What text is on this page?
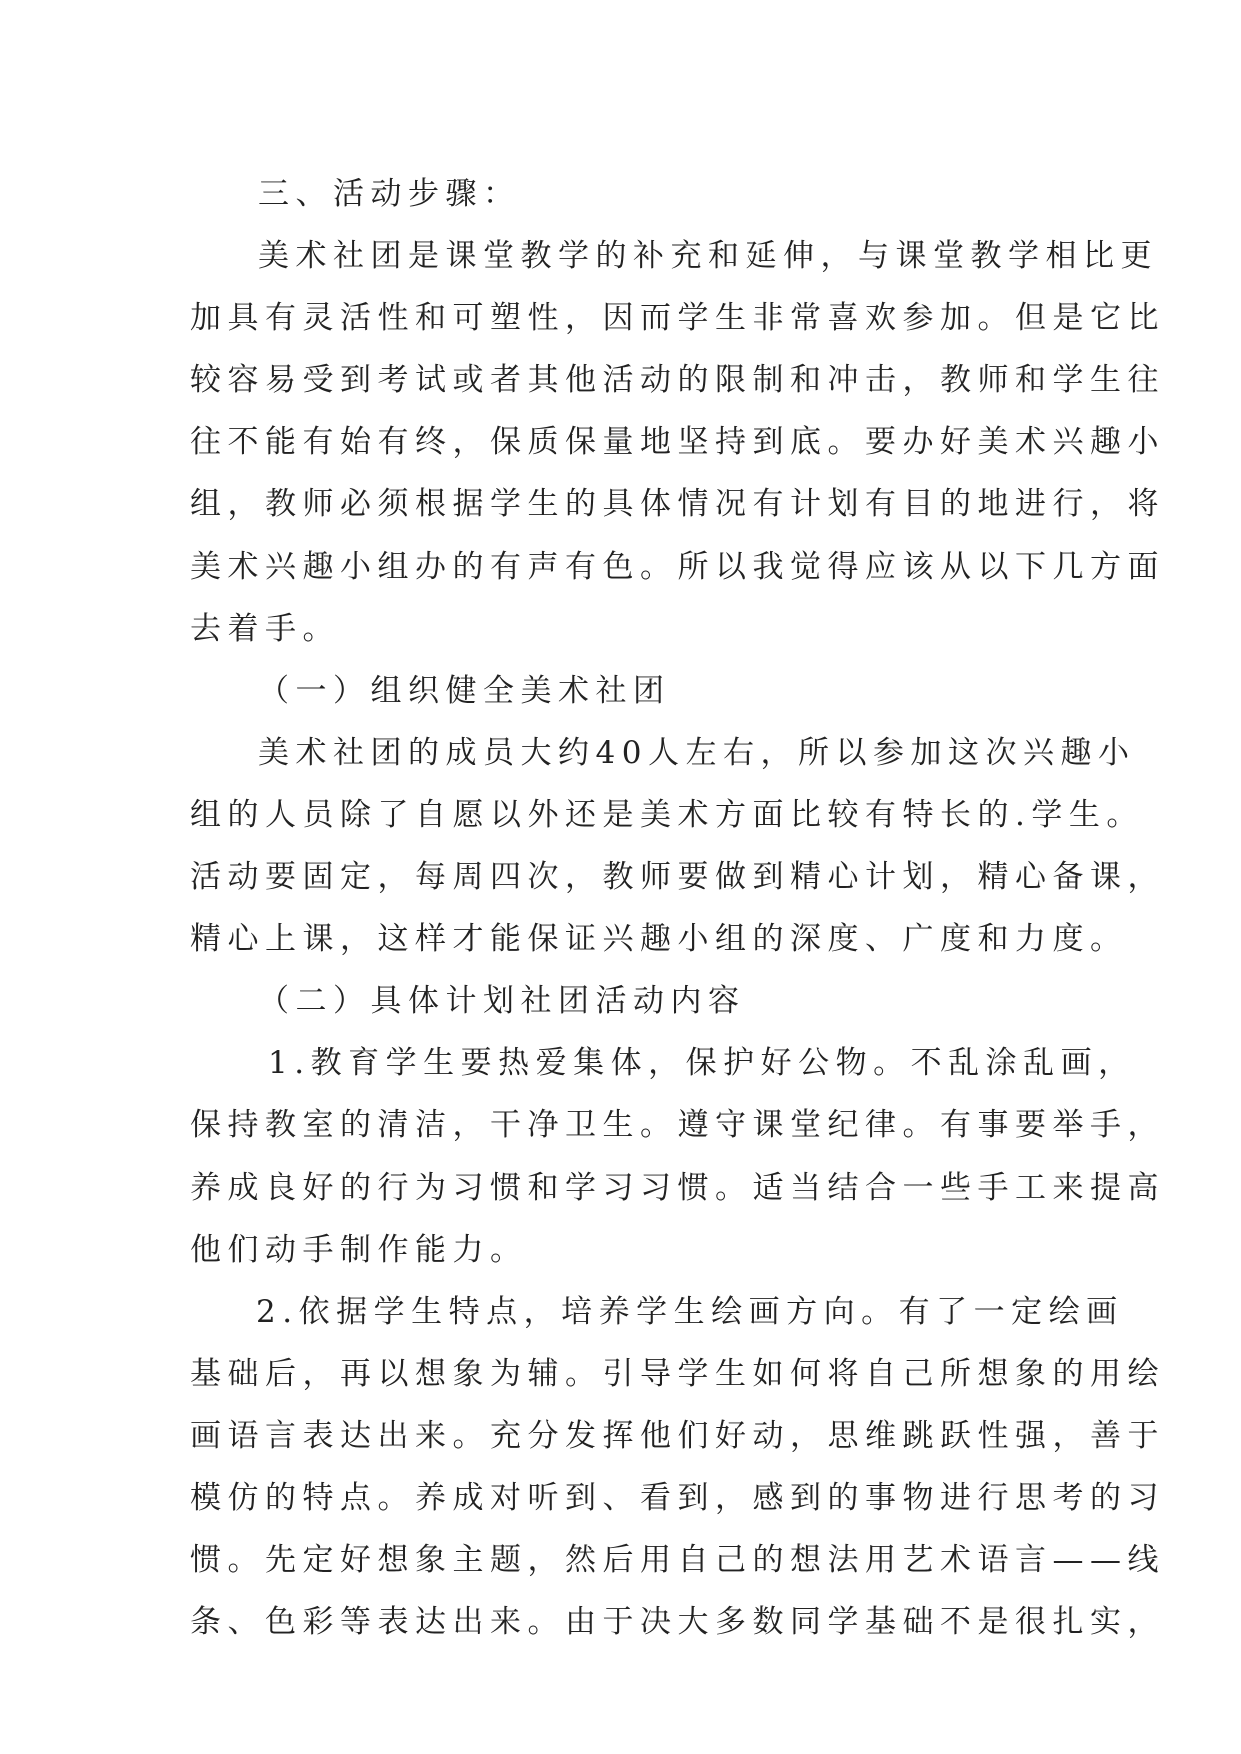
三、活动步骤：
美术社团是课堂教学的补充和延伸，与课堂教学相比更
加具有灵活性和可塑性，因而学生非常喜欢参加。但是它比
较容易受到考试或者其他活动的限制和冲击，教师和学生往
往不能有始有终，保质保量地坚持到底。要办好美术兴趣小
组，教师必须根据学生的具体情况有计划有目的地进行，将
美术兴趣小组办的有声有色。所以我觉得应该从以下几方面
去着手。
（一）组织健全美术社团
美术社团的成员大约40人左右，所以参加这次兴趣小
组的人员除了自愿以外还是美术方面比较有特长的.学生。
活动要固定，每周四次，教师要做到精心计划，精心备课，
精心上课，这样才能保证兴趣小组的深度、广度和力度。
（二）具体计划社团活动内容
1.教育学生要热爱集体，保护好公物。不乱涂乱画，
保持教室的清洁，干净卫生。遵守课堂纪律。有事要举手，
养成良好的行为习惯和学习习惯。适当结合一些手工来提高
他们动手制作能力。
2.依据学生特点，培养学生绘画方向。有了一定绘画
基础后，再以想象为辅。引导学生如何将自己所想象的用绘
画语言表达出来。充分发挥他们好动，思维跳跃性强，善于
模仿的特点。养成对听到、看到，感到的事物进行思考的习
惯。先定好想象主题，然后用自己的想法用艺术语言——线
条、色彩等表达出来。由于决大多数同学基础不是很扎实，
